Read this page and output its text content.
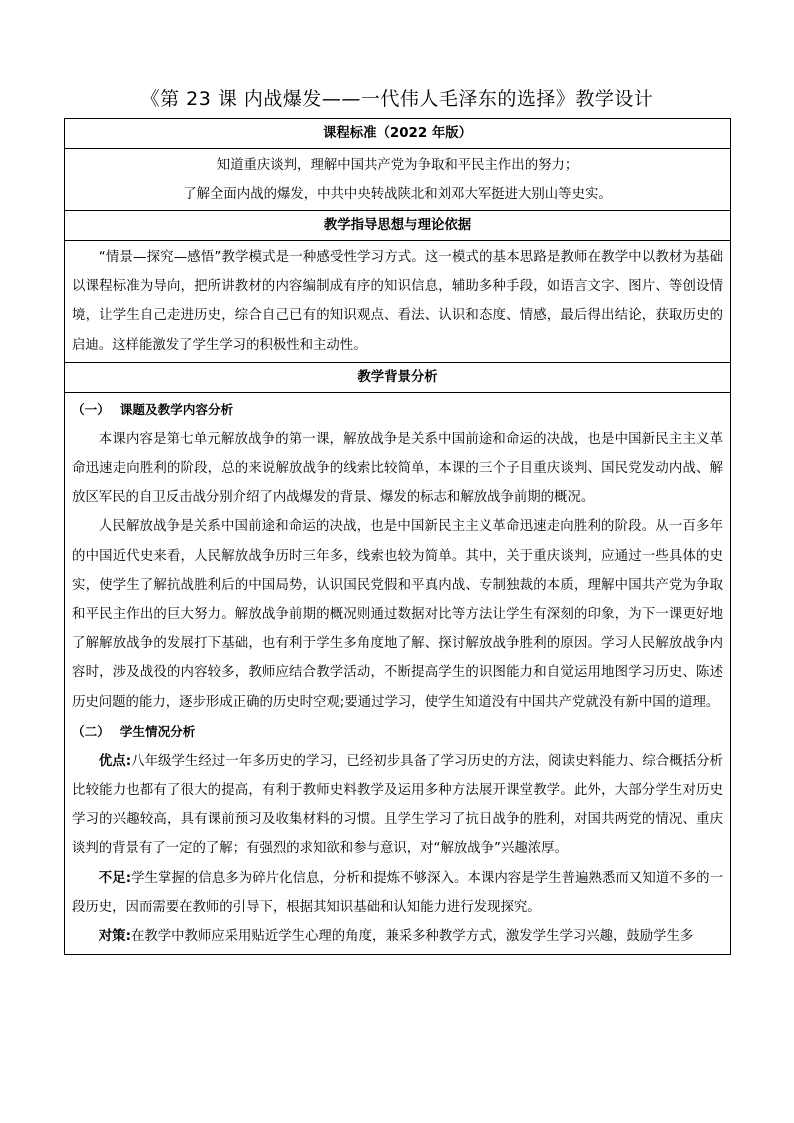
《第 23 课 内战爆发——一代伟人毛泽东的选择》教学设计
课程标准（2022 年版）

知道重庆谈判，理解中国共产党为争取和平民主作出的努力；
了解全面内战的爆发，中共中央转战陕北和刘邓大军挺进大别山等史实。

教学指导思想与理论依据

“情景—探究—感悟”教学模式是一种感受性学习方式。这一模式的基本思路是教师在教学中以教材为基础以课程标准为导向，把所讲教材的内容编制成有序的知识信息，辅助多种手段，如语言文字、图片、等创设情境，让学生自己走进历史，综合自己已有的知识观点、看法、认识和态度、情感，最后得出结论，获取历史的启迪。这样能激发了学生学习的积极性和主动性。

教学背景分析

（一） 课题及教学内容分析

本课内容是第七单元解放战争的第一课，解放战争是关系中国前途和命运的决战，也是中国新民主主义革命迅速走向胜利的阶段，总的来说解放战争的线索比较简单，本课的三个子目重庆谈判、国民党发动内战、解放区军民的自卫反击战分别介绍了内战爆发的背景、爆发的标志和解放战争前期的概况。

人民解放战争是关系中国前途和命运的决战，也是中国新民主主义革命迅速走向胜利的阶段。从一百多年的中国近代史来看，人民解放战争历时三年多，线索也较为简单。其中，关于重庆谈判，应通过一些具体的史实，使学生了解抗战胜利后的中国局势，认识国民党假和平真内战、专制独裁的本质，理解中国共产党为争取和平民主作出的巨大努力。解放战争前期的概况则通过数据对比等方法让学生有深刻的印象，为下一课更好地了解解放战争的发展打下基础，也有利于学生多角度地了解、探讨解放战争胜利的原因。学习人民解放战争内容时，涉及战役的内容较多，教师应结合教学活动，不断提高学生的识图能力和自觉运用地图学习历史、陈述历史问题的能力，逐步形成正确的历史时空观;要通过学习，使学生知道没有中国共产党就没有新中国的道理。

（二） 学生情况分析

优点:八年级学生经过一年多历史的学习，已经初步具备了学习历史的方法，阅读史料能力、综合概括分析比较能力也都有了很大的提高，有利于教师史料教学及运用多种方法展开课堂教学。此外，大部分学生对历史学习的兴趣较高，具有课前预习及收集材料的习惯。且学生学习了抗日战争的胜利，对国共两党的情况、重庆谈判的背景有了一定的了解；有强烈的求知欲和参与意识，对“解放战争”兴趣浓厚。

不足:学生掌握的信息多为碎片化信息，分析和提炼不够深入。本课内容是学生普遍熟悉而又知道不多的一段历史，因而需要在教师的引导下，根据其知识基础和认知能力进行发现探究。

对策:在教学中教师应采用贴近学生心理的角度，兼采多种教学方式，激发学生学习兴趣，鼓励学生多
